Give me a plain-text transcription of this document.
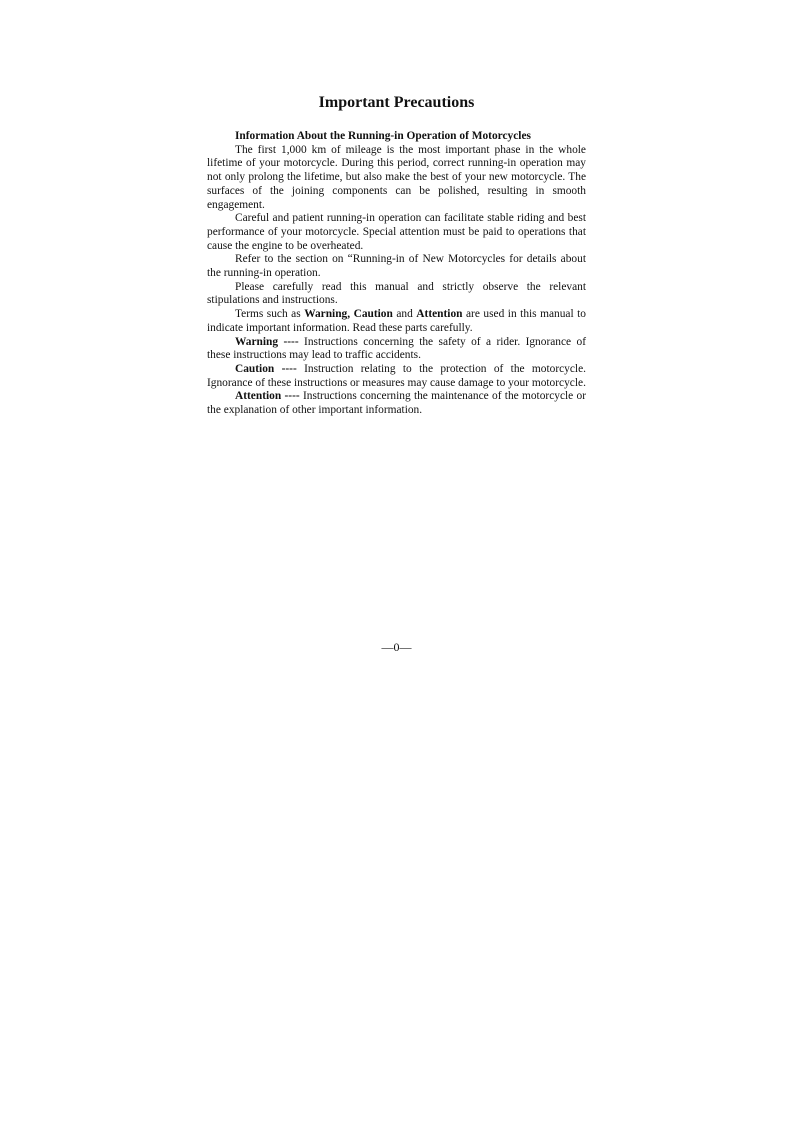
Important Precautions

Information About the Running-in Operation of Motorcycles

The first 1,000 km of mileage is the most important phase in the whole lifetime of your motorcycle. During this period, correct running-in operation may not only prolong the lifetime, but also make the best of your new motorcycle. The surfaces of the joining components can be polished, resulting in smooth engagement.

Careful and patient running-in operation can facilitate stable riding and best performance of your motorcycle. Special attention must be paid to operations that cause the engine to be overheated.

Refer to the section on “Running-in of New Motorcycles for details about the running-in operation.

Please carefully read this manual and strictly observe the relevant stipulations and instructions.

Terms such as Warning, Caution and Attention are used in this manual to indicate important information. Read these parts carefully.

Warning ---- Instructions concerning the safety of a rider. Ignorance of these instructions may lead to traffic accidents.

Caution ---- Instruction relating to the protection of the motorcycle. Ignorance of these instructions or measures may cause damage to your motorcycle.

Attention ---- Instructions concerning the maintenance of the motorcycle or the explanation of other important information.

—0—
